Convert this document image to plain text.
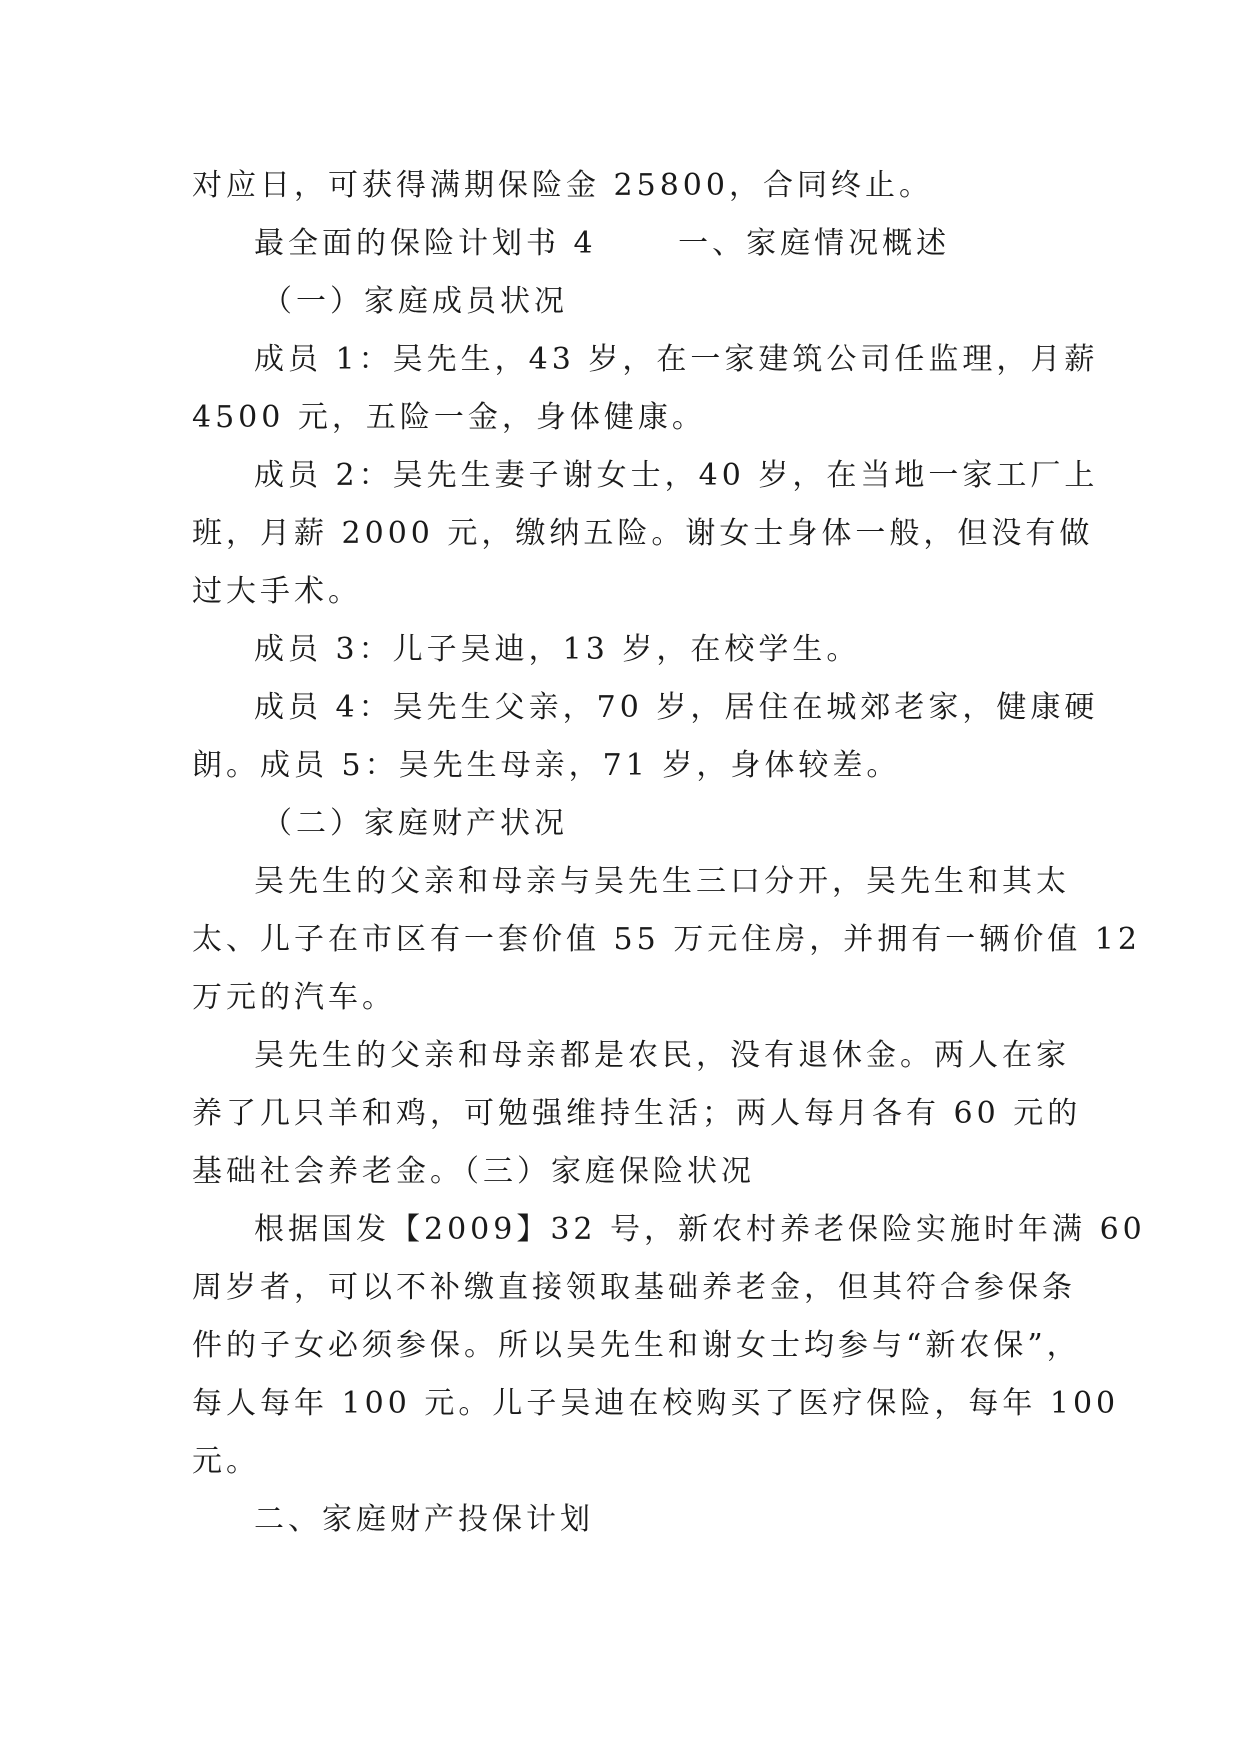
对应日，可获得满期保险金 25800，合同终止。
最全面的保险计划书 4　　 一、家庭情况概述
（一）家庭成员状况
成员 1：吴先生，43 岁，在一家建筑公司任监理，月薪
4500 元，五险一金，身体健康。
成员 2：吴先生妻子谢女士，40 岁，在当地一家工厂上
班，月薪 2000 元，缴纳五险。谢女士身体一般，但没有做
过大手术。
成员 3：儿子吴迪，13 岁，在校学生。
成员 4：吴先生父亲，70 岁，居住在城郊老家，健康硬
朗。成员 5：吴先生母亲，71 岁，身体较差。
（二）家庭财产状况
吴先生的父亲和母亲与吴先生三口分开，吴先生和其太
太、儿子在市区有一套价值 55 万元住房，并拥有一辆价值 12
万元的汽车。
吴先生的父亲和母亲都是农民，没有退休金。两人在家
养了几只羊和鸡，可勉强维持生活；两人每月各有 60 元的
基础社会养老金。（三）家庭保险状况
根据国发【2009】32 号，新农村养老保险实施时年满 60
周岁者，可以不补缴直接领取基础养老金，但其符合参保条
件的子女必须参保。所以吴先生和谢女士均参与“新农保”，
每人每年 100 元。儿子吴迪在校购买了医疗保险，每年 100
元。
二、家庭财产投保计划
